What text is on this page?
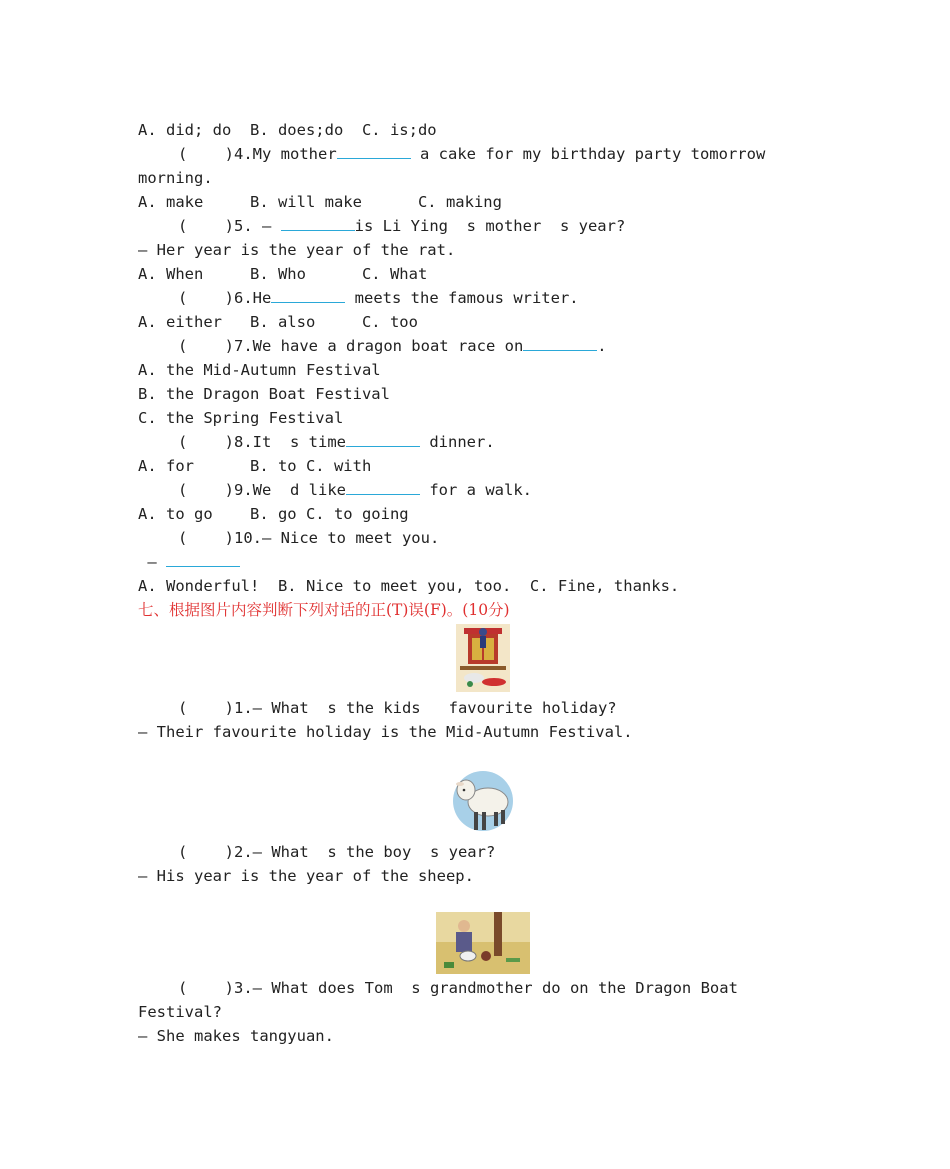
A. did; do  B. does;do  C. is;do
(    )4.My mother	a cake for my birthday party tomorrow
morning.
A. make     B. will make      C. making
(    )5. —	is Li Ying  s mother  s year?
— Her year is the year of the rat.
A. When     B. Who      C. What
(    )6.He	meets the famous writer.
A. either   B. also     C. too
(    )7.We have a dragon boat race on	.
A. the Mid-Autumn Festival
B. the Dragon Boat Festival
C. the Spring Festival
(    )8.It  s time	dinner.
A. for      B. to C. with
(    )9.We  d like	for a walk.
A. to go    B. go C. to going
(    )10.— Nice to meet you.
—
A. Wonderful!  B. Nice to meet you, too.  C. Fine, thanks.
七、根据图片内容判断下列对话的正(T)误(F)。(10分)
(    )1.— What  s the kids   favourite holiday?
— Their favourite holiday is the Mid-Autumn Festival.
(    )2.— What  s the boy  s year?
— His year is the year of the sheep.
(    )3.— What does Tom  s grandmother do on the Dragon Boat
Festival?
— She makes tangyuan.
